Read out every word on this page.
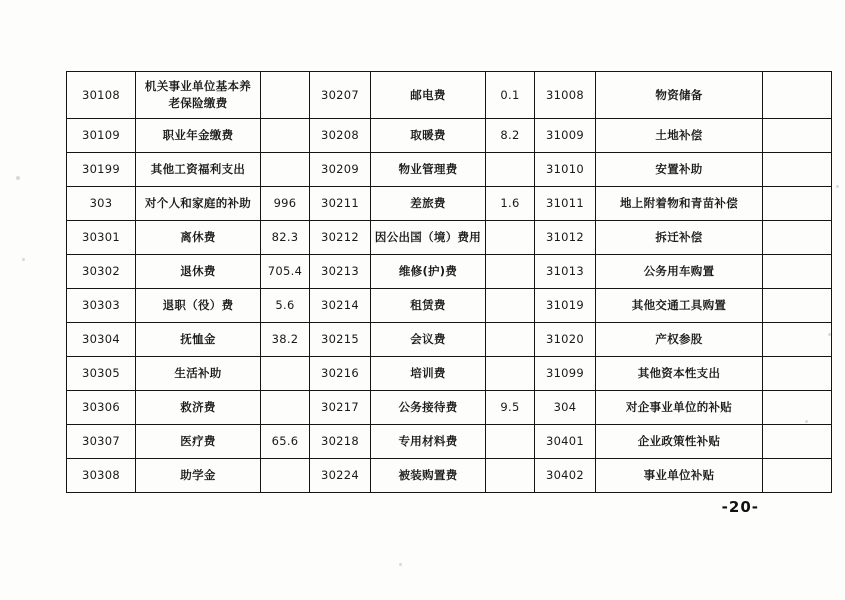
30108	机关事业单位基本养
老保险缴费		30207	邮电费	0.1	31008	物资储备	
30109	职业年金缴费		30208	取暖费	8.2	31009	土地补偿	
30199	其他工资福利支出		30209	物业管理费		31010	安置补助	
303	对个人和家庭的补助	996	30211	差旅费	1.6	31011	地上附着物和青苗补偿	
30301	离休费	82.3	30212	因公出国（境）费用		31012	拆迁补偿	
30302	退休费	705.4	30213	维修(护)费		31013	公务用车购置	
30303	退职（役）费	5.6	30214	租赁费		31019	其他交通工具购置	
30304	抚恤金	38.2	30215	会议费		31020	产权参股	
30305	生活补助		30216	培训费		31099	其他资本性支出	
30306	救济费		30217	公务接待费	9.5	304	对企事业单位的补贴	
30307	医疗费	65.6	30218	专用材料费		30401	企业政策性补贴	
30308	助学金		30224	被装购置费		30402	事业单位补贴	
-20-
